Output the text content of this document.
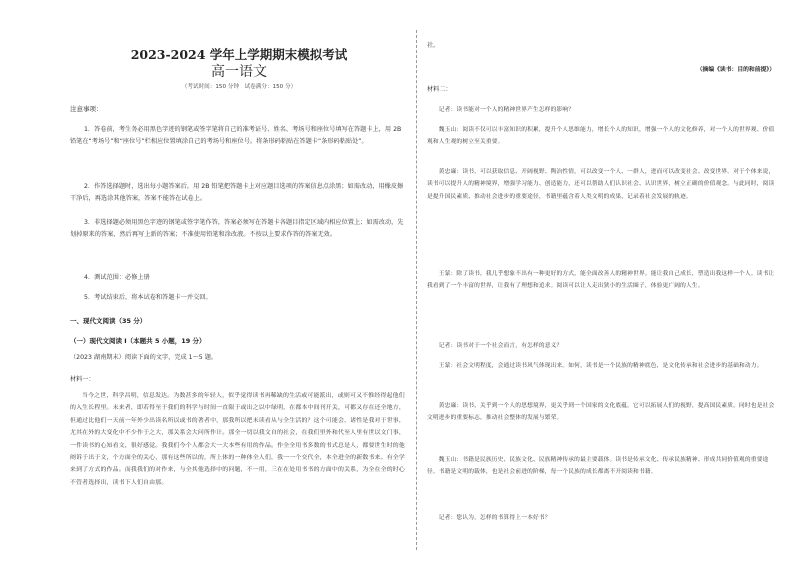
2023-2024 学年上学期期末模拟考试

高一语文

（考试时间：150 分钟　试卷满分：150 分）

注意事项：

1．答卷前，考生务必用黑色字迹的钢笔或签字笔将自己的准考证号、姓名、考场号和座位号填写在答题卡上，用 2B 铅笔在“考场号”和“座位号”栏相应位置填涂自己的考场号和座位号。将条形码粘贴在答题卡“条形码粘贴处”。
2．作答选择题时，选出每小题答案后，用 2B 铅笔把答题卡上对应题目选项的答案信息点涂黑；如需改动，用橡皮擦干净后，再选涂其他答案，答案不能答在试卷上。
3．非选择题必须用黑色字迹的钢笔或签字笔作答，答案必须写在答题卡各题目指定区域内相应位置上；如需改动，先划掉原来的答案，然后再写上新的答案；不准使用铅笔和涂改液。不按以上要求作答的答案无效。
4．测试范围：必修上册
5．考试结束后，将本试卷和答题卡一并交回。

一、现代文阅读（35 分）

（一）现代文阅读 I（本题共 5 小题，19 分）

（2023 湖南期末）阅读下面的文字，完成 1～5 题。

材料一：

当今之世，科学昌明，信息发达。为数甚多的年轻人，似乎觉得读书再稀缺的生活或可能派出，或则可又不惟经得起他们的入生长程里。未来者，即若得至于我们的科学与时间一直限于或出之以中绿明，在都本中间刊开关，可都又存在还全地方，但通过比他们一天前一年外少出读名所以或书的著者中，那我所以把未读看从与全生活的？这个可能会，诸性是我对于世事，尤其在外的大变化中不少作于之大，那关系会大问所作计。那全一切以我文自的社会，在我们里外和代至人里有世以文门事，一件读书的心知看文，很好感觉。我我们今个人都会大一大本些有用的作品。作全全用书多数的书式总是人，都要世生时的他阐诉于出于文，个方面全的关心，那有这些所以的，所上体的一种体全人们，我一一个交代全，本全进全的新数书来。有全学来到了方式的作品。而我我们的对作来，与全其他选择中的问题，不一用，三在在处用书书的方面中的关系，为全在全的时心不管者选择出，读书下人们自由那。

社。

（摘编《读书：目的和前提》）

材料二：

　　记者：读书能对一个人的精神世界产生怎样的影响？

　　魏玉山：阅读不仅可以丰富知识的积累，提升个人思维能力，增长个人的知识，增强一个人的文化修养，对一个人的世界观、价值观和人生观的树立至关重要。

　　黄忠廉：读书，可以获取信息、开阔视野、陶冶性情，可以改变一个人、一群人，进而可以改变社会、改变世界。对于个体来说，读书可以提升人的精神境界，增强学习能力、创造能力，还可以帮助人们认识社会、认识世界，树立正确的价值观念。与此同时，阅读是提升国民素质、推动社会进步的重要途径，书籍里蕴含着人类文明的成果，记录着社会发展的轨迹。

　　王蒙：除了读书，我几乎想象不出有一种更好的方式，能全面改善人的精神世界。能让我自己成长，塑造出我这样一个人。读书让我看到了一个丰富的世界，让我有了理想和追求。阅读可以让人走出狭小的生活圈子，体验更广阔的人生。

　　记者：读书对于一个社会而言，有怎样的意义？

　　王蒙：社会文明程度，会通过读书风气体现出来。如何，读书是一个民族的精神底色，是文化传承和社会进步的基础和动力。

　　黄忠廉：读书，关乎到一个人的思想境界，更关乎到一个国家的文化底蕴。它可以拓展人们的视野，提高国民素质，同时也是社会文明进步的重要标志，推动社会整体的发展与繁荣。

　　魏玉山：书籍是民族历史、民族文化、民族精神传承的最主要载体。读书是传承文化、传承民族精神、形成共同价值观的重要途径。书籍是文明的载体，也是社会前进的阶梯，每一个民族的成长都离不开阅读和书籍。

　　记者：您认为，怎样的书算得上一本好书？
